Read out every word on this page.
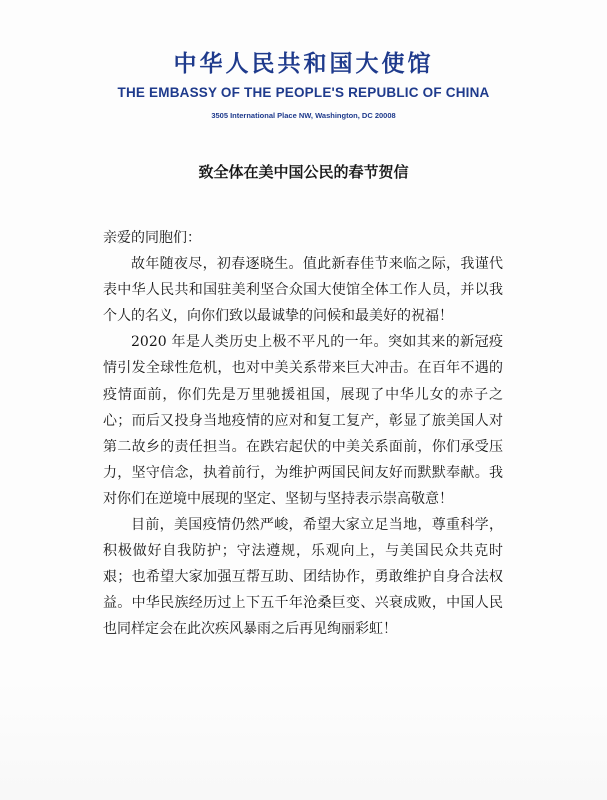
中华人民共和国大使馆
THE EMBASSY OF THE PEOPLE'S REPUBLIC OF CHINA
3505 International Place NW, Washington, DC 20008
致全体在美中国公民的春节贺信

亲爱的同胞们：

故年随夜尽，初春逐晓生。值此新春佳节来临之际，我谨代表中华人民共和国驻美利坚合众国大使馆全体工作人员，并以我个人的名义，向你们致以最诚挚的问候和最美好的祝福！

2020 年是人类历史上极不平凡的一年。突如其来的新冠疫情引发全球性危机，也对中美关系带来巨大冲击。在百年不遇的疫情面前，你们先是万里驰援祖国，展现了中华儿女的赤子之心；而后又投身当地疫情的应对和复工复产，彰显了旅美国人对第二故乡的责任担当。在跌宕起伏的中美关系面前，你们承受压力，坚守信念，执着前行，为维护两国民间友好而默默奉献。我对你们在逆境中展现的坚定、坚韧与坚持表示崇高敬意！

目前，美国疫情仍然严峻，希望大家立足当地，尊重科学，积极做好自我防护；守法遵规，乐观向上，与美国民众共克时艰；也希望大家加强互帮互助、团结协作，勇敢维护自身合法权益。中华民族经历过上下五千年沧桑巨变、兴衰成败，中国人民也同样定会在此次疾风暴雨之后再见绚丽彩虹！
